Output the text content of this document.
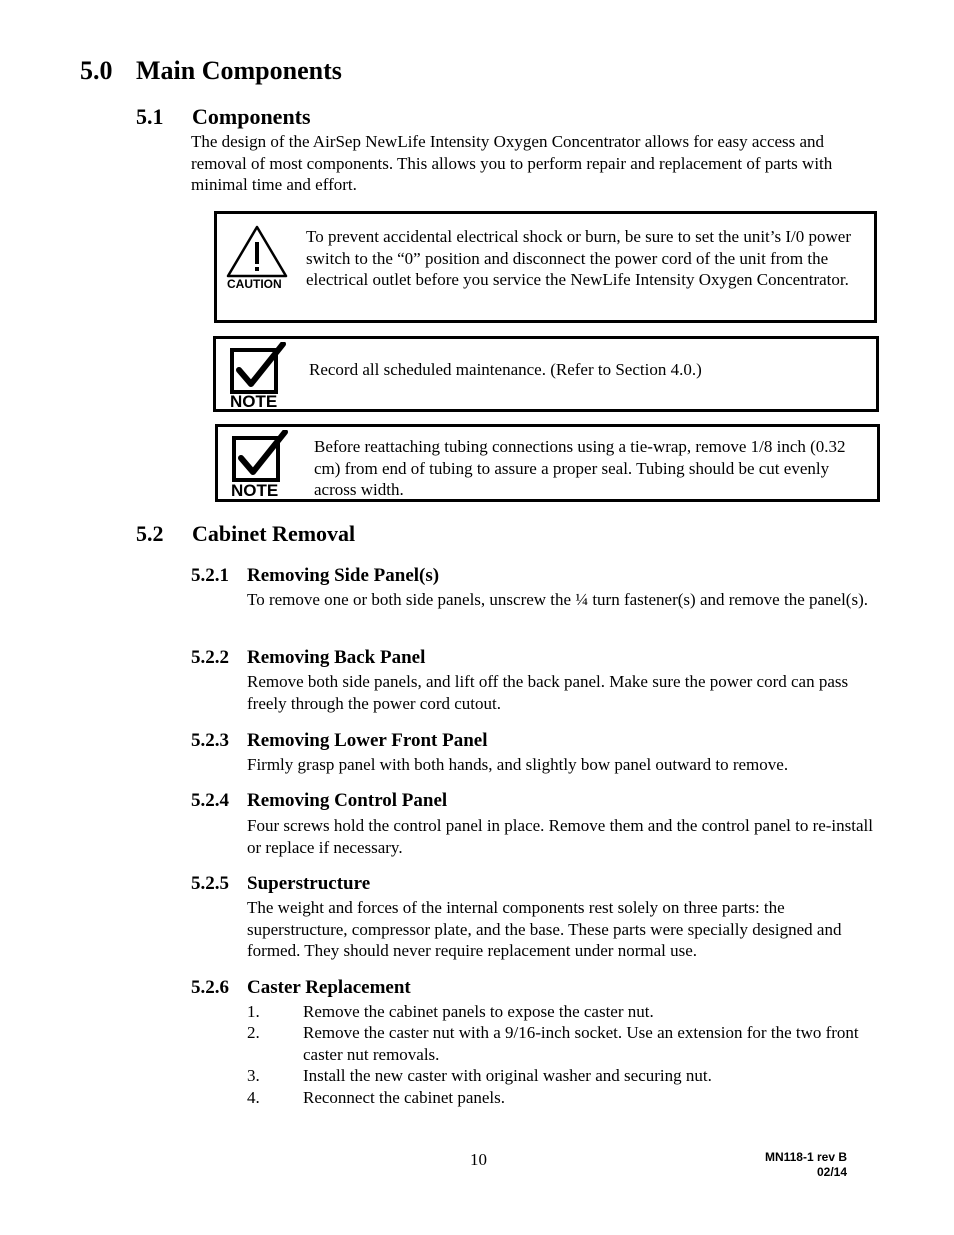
5.0 Main Components
5.1 Components
The design of the AirSep NewLife Intensity Oxygen Concentrator allows for easy access and removal of most components. This allows you to perform repair and replacement of parts with minimal time and effort.
CAUTION
To prevent accidental electrical shock or burn, be sure to set the unit’s I/0 power switch to the “0” position and disconnect the power cord of the unit from the electrical outlet before you service the NewLife Intensity Oxygen Concentrator.
NOTE
Record all scheduled maintenance. (Refer to Section 4.0.)
NOTE
Before reattaching tubing connections using a tie-wrap, remove 1/8 inch (0.32 cm) from end of tubing to assure a proper seal. Tubing should be cut evenly across width.
5.2 Cabinet Removal
5.2.1 Removing Side Panel(s)
To remove one or both side panels, unscrew the ¼ turn fastener(s) and remove the panel(s).
5.2.2 Removing Back Panel
Remove both side panels, and lift off the back panel. Make sure the power cord can pass freely through the power cord cutout.
5.2.3 Removing Lower Front Panel
Firmly grasp panel with both hands, and slightly bow panel outward to remove.
5.2.4 Removing Control Panel
Four screws hold the control panel in place. Remove them and the control panel to re-install or replace if necessary.
5.2.5 Superstructure
The weight and forces of the internal components rest solely on three parts: the superstructure, compressor plate, and the base. These parts were specially designed and formed. They should never require replacement under normal use.
5.2.6 Caster Replacement
1.	Remove the cabinet panels to expose the caster nut.
2.	Remove the caster nut with a 9/16-inch socket. Use an extension for the two front caster nut removals.
3.	Install the new caster with original washer and securing nut.
4.	Reconnect the cabinet panels.
10	MN118-1 rev B
02/14
